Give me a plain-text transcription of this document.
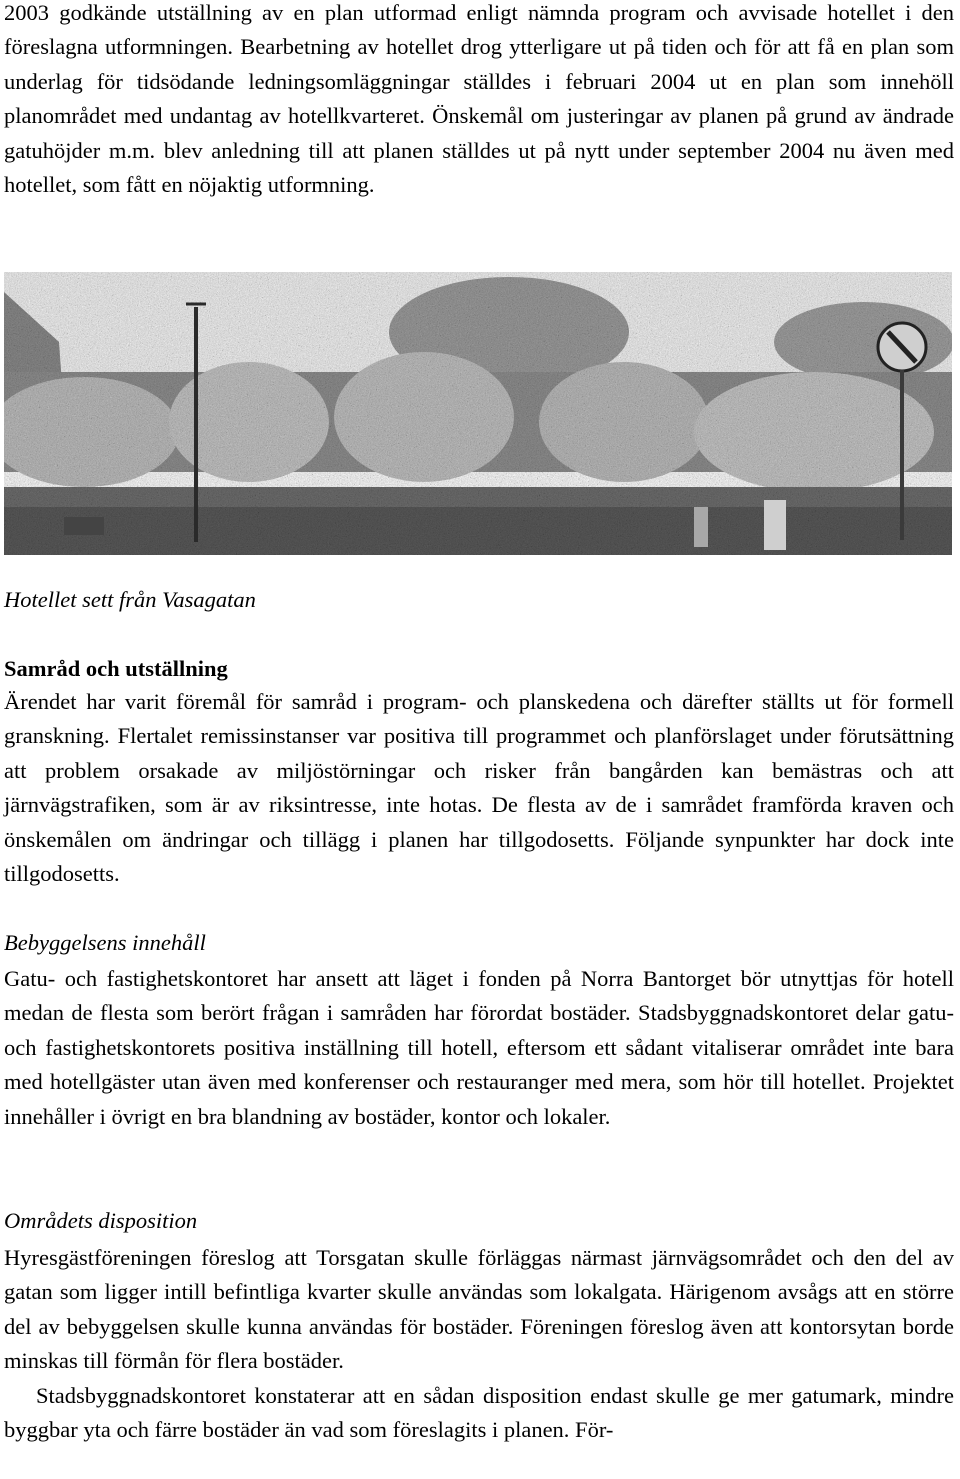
2003 godkände utställning av en plan utformad enligt nämnda program och avvisade hotellet i den föreslagna utformningen. Bearbetning av hotellet drog ytterligare ut på tiden och för att få en plan som underlag för tidsödande ledningsomläggningar ställdes i februari 2004 ut en plan som innehöll planområdet med undantag av hotellkvarteret. Önskemål om justeringar av planen på grund av ändrade gatuhöjder m.m. blev anledning till att planen ställdes ut på nytt under september 2004 nu även med hotellet, som fått en nöjaktig utformning.

Hotellet sett från Vasagatan
Samråd och utställning

Ärendet har varit föremål för samråd i program- och planskedena och därefter ställts ut för formell granskning. Flertalet remissinstanser var positiva till programmet och planförslaget under förutsättning att problem orsakade av miljöstörningar och risker från bangården kan bemästras och att järnvägstrafiken, som är av riksintresse, inte hotas. De flesta av de i samrådet framförda kraven och önskemålen om ändringar och tillägg i planen har tillgodosetts. Följande synpunkter har dock inte tillgodosetts.

Bebyggelsens innehåll

Gatu- och fastighetskontoret har ansett att läget i fonden på Norra Bantorget bör utnyttjas för hotell medan de flesta som berört frågan i samråden har förordat bostäder. Stadsbyggnadskontoret delar gatu- och fastighetskontorets positiva inställning till hotell, eftersom ett sådant vitaliserar området inte bara med hotellgäster utan även med konferenser och restauranger med mera, som hör till hotellet. Projektet innehåller i övrigt en bra blandning av bostäder, kontor och lokaler.

Områdets disposition

Hyresgästföreningen föreslog att Torsgatan skulle förläggas närmast järnvägsområdet och den del av gatan som ligger intill befintliga kvarter skulle användas som lokalgata. Härigenom avsågs att en större del av bebyggelsen skulle kunna användas för bostäder. Föreningen föreslog även att kontorsytan borde minskas till förmån för flera bostäder.

Stadsbyggnadskontoret konstaterar att en sådan disposition endast skulle ge mer gatumark, mindre byggbar yta och färre bostäder än vad som föreslagits i planen. För-
